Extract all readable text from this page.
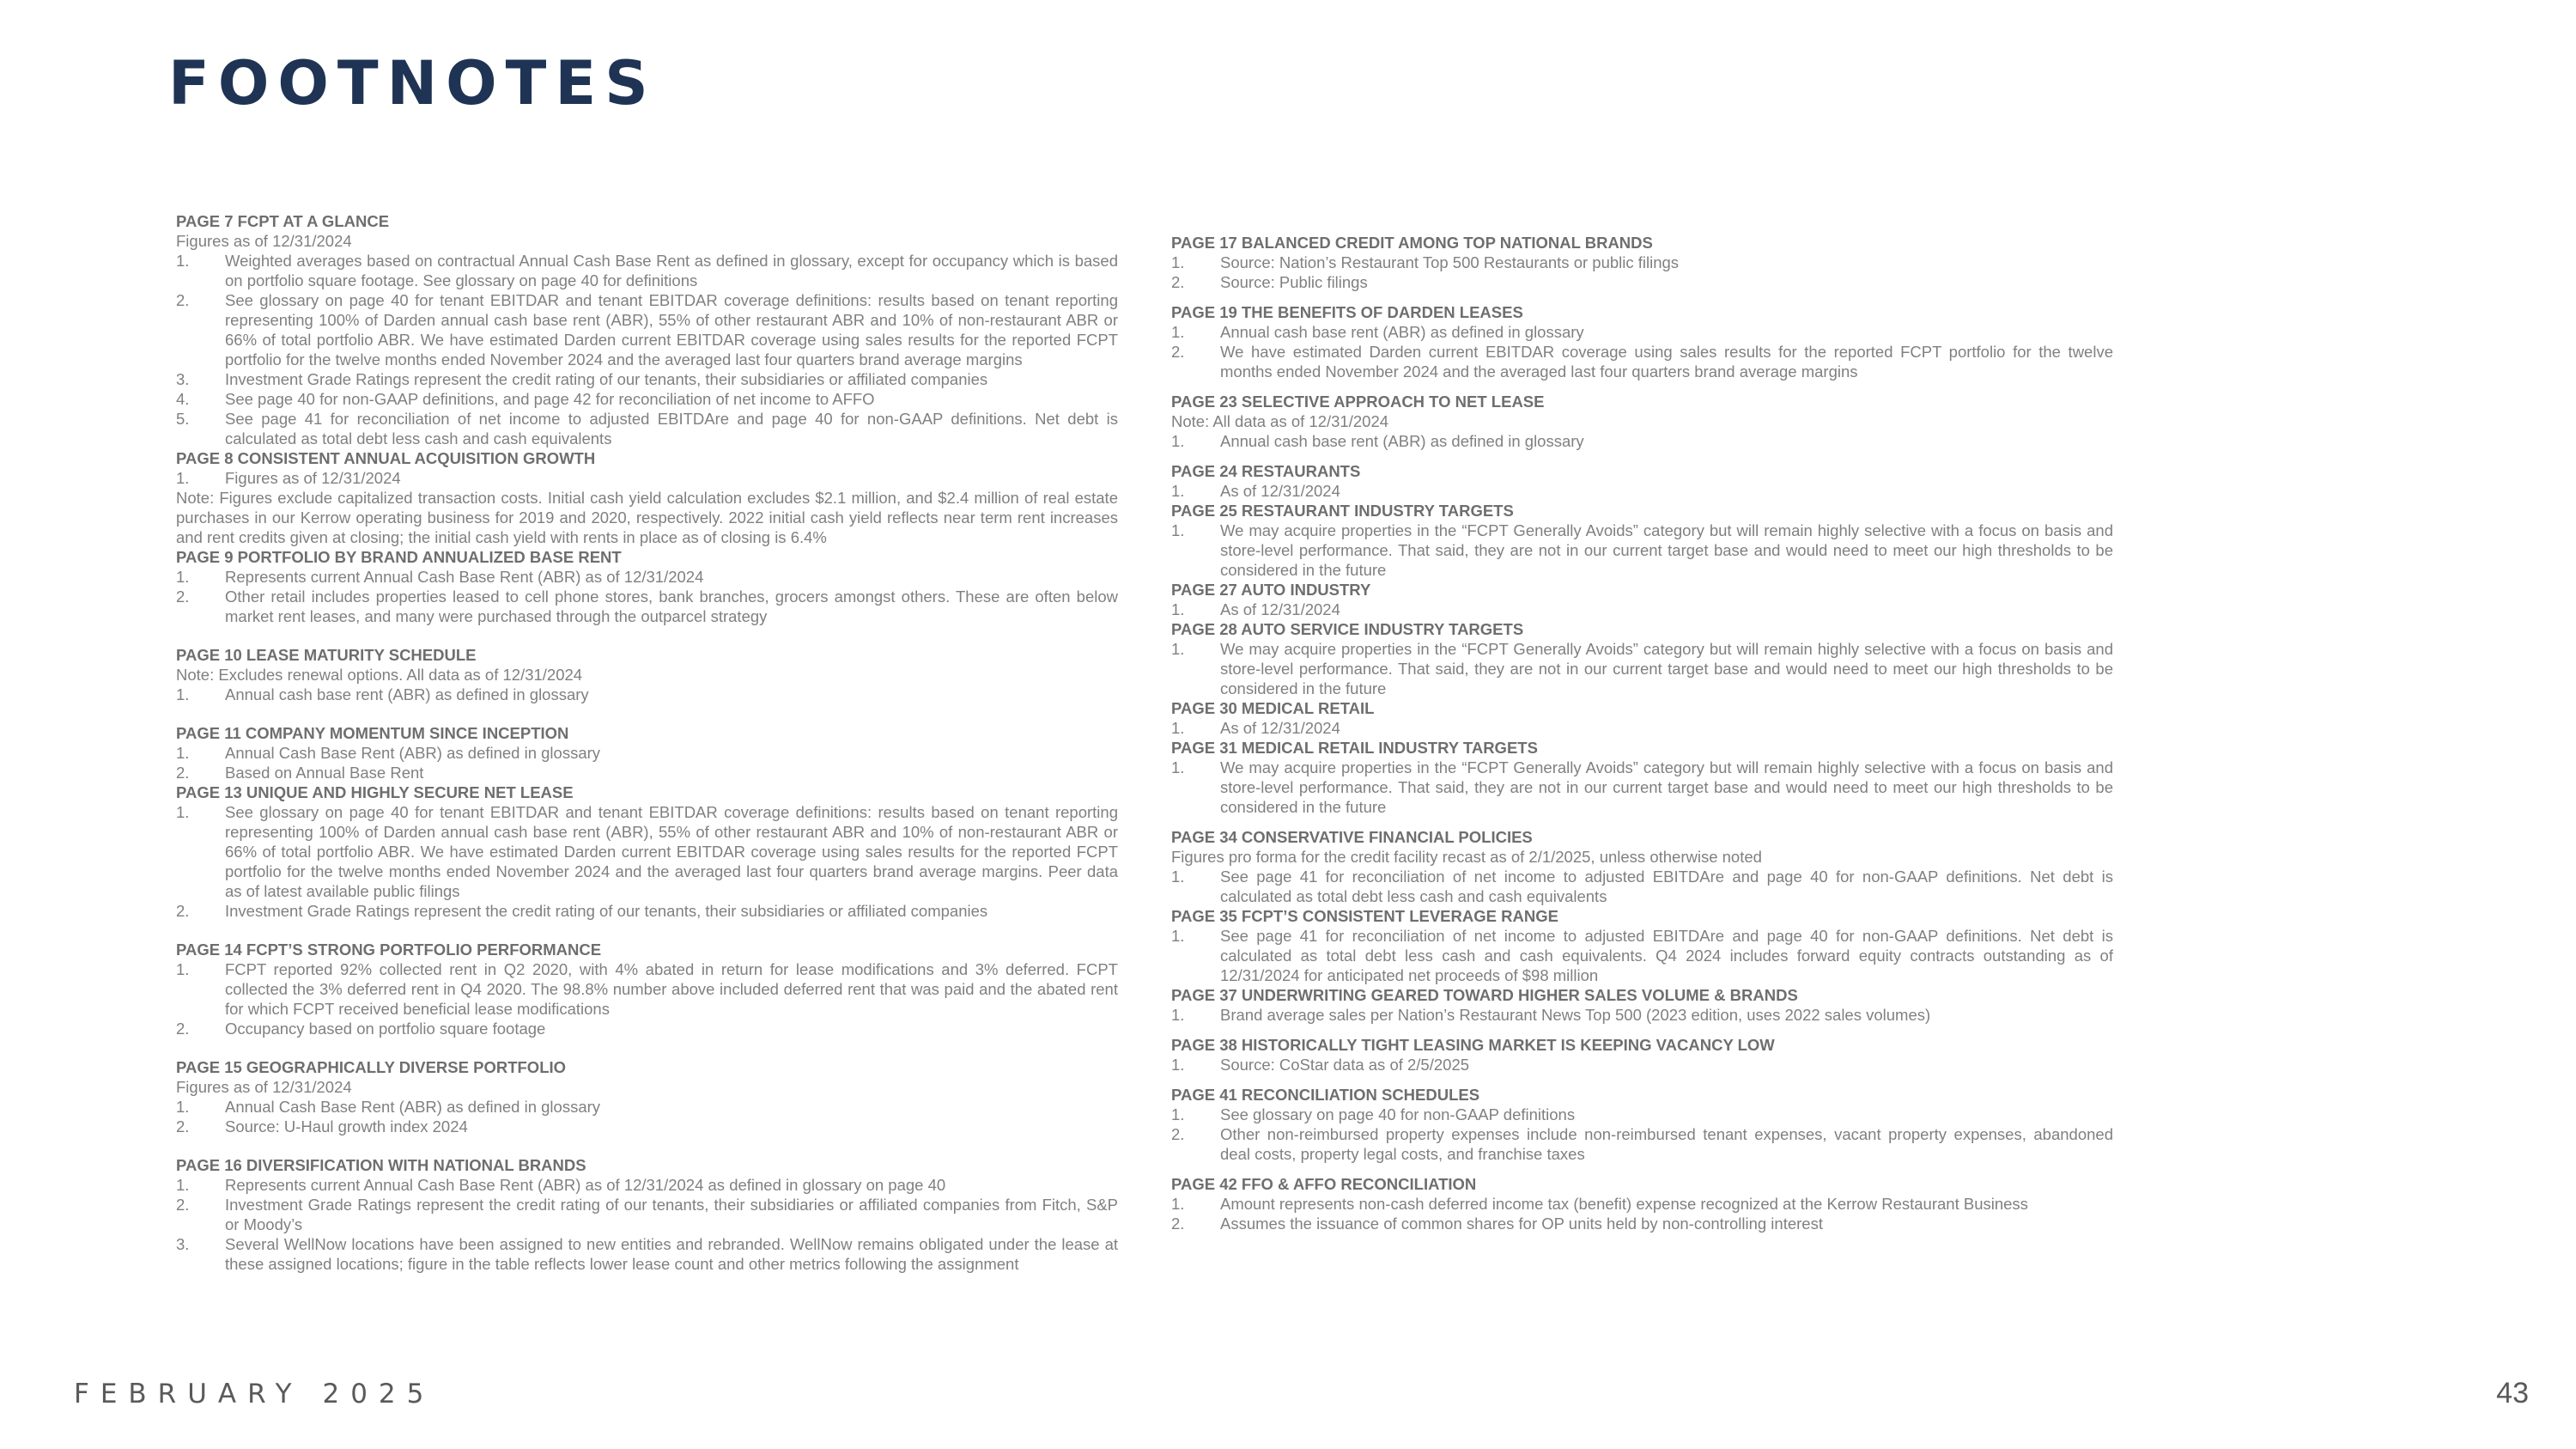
FOOTNOTES
PAGE 7 FCPT AT A GLANCE
Figures as of 12/31/2024
1.	Weighted averages based on contractual Annual Cash Base Rent as defined in glossary, except for occupancy which is based on portfolio square footage. See glossary on page 40 for definitions
2.	See glossary on page 40 for tenant EBITDAR and tenant EBITDAR coverage definitions: results based on tenant reporting representing 100% of Darden annual cash base rent (ABR), 55% of other restaurant ABR and 10% of non-restaurant ABR or 66% of total portfolio ABR. We have estimated Darden current EBITDAR coverage using sales results for the reported FCPT portfolio for the twelve months ended November 2024 and the averaged last four quarters brand average margins
3.	Investment Grade Ratings represent the credit rating of our tenants, their subsidiaries or affiliated companies
4.	See page 40 for non-GAAP definitions, and page 42 for reconciliation of net income to AFFO
5.	See page 41 for reconciliation of net income to adjusted EBITDAre and page 40 for non-GAAP definitions. Net debt is calculated as total debt less cash and cash equivalents
PAGE 8 CONSISTENT ANNUAL ACQUISITION GROWTH
1.	Figures as of 12/31/2024
Note: Figures exclude capitalized transaction costs. Initial cash yield calculation excludes $2.1 million, and $2.4 million of real estate purchases in our Kerrow operating business for 2019 and 2020, respectively. 2022 initial cash yield reflects near term rent increases and rent credits given at closing; the initial cash yield with rents in place as of closing is 6.4%
PAGE 9 PORTFOLIO BY BRAND ANNUALIZED BASE RENT
1.	Represents current Annual Cash Base Rent (ABR) as of 12/31/2024
2.	Other retail includes properties leased to cell phone stores, bank branches, grocers amongst others. These are often below market rent leases, and many were purchased through the outparcel strategy
PAGE 10 LEASE MATURITY SCHEDULE
Note: Excludes renewal options. All data as of 12/31/2024
1.	Annual cash base rent (ABR) as defined in glossary
PAGE 11 COMPANY MOMENTUM SINCE INCEPTION
1.	Annual Cash Base Rent (ABR) as defined in glossary
2.	Based on Annual Base Rent
PAGE 13 UNIQUE AND HIGHLY SECURE NET LEASE
1.	See glossary on page 40 for tenant EBITDAR and tenant EBITDAR coverage definitions: results based on tenant reporting representing 100% of Darden annual cash base rent (ABR), 55% of other restaurant ABR and 10% of non-restaurant ABR or 66% of total portfolio ABR. We have estimated Darden current EBITDAR coverage using sales results for the reported FCPT portfolio for the twelve months ended November 2024 and the averaged last four quarters brand average margins. Peer data as of latest available public filings
2.	Investment Grade Ratings represent the credit rating of our tenants, their subsidiaries or affiliated companies
PAGE 14 FCPT’S STRONG PORTFOLIO PERFORMANCE
1.	FCPT reported 92% collected rent in Q2 2020, with 4% abated in return for lease modifications and 3% deferred. FCPT collected the 3% deferred rent in Q4 2020. The 98.8% number above included deferred rent that was paid and the abated rent for which FCPT received beneficial lease modifications
2.	Occupancy based on portfolio square footage
PAGE 15 GEOGRAPHICALLY DIVERSE PORTFOLIO
Figures as of 12/31/2024
1.	Annual Cash Base Rent (ABR) as defined in glossary
2.	Source: U-Haul growth index 2024
PAGE 16 DIVERSIFICATION WITH NATIONAL BRANDS
1.	Represents current Annual Cash Base Rent (ABR) as of 12/31/2024 as defined in glossary on page 40
2.	Investment Grade Ratings represent the credit rating of our tenants, their subsidiaries or affiliated companies from Fitch, S&P or Moody’s
3.	Several WellNow locations have been assigned to new entities and rebranded. WellNow remains obligated under the lease at these assigned locations; figure in the table reflects lower lease count and other metrics following the assignment
PAGE 17 BALANCED CREDIT AMONG TOP NATIONAL BRANDS
1.	Source: Nation’s Restaurant Top 500 Restaurants or public filings
2.	Source: Public filings
PAGE 19 THE BENEFITS OF DARDEN LEASES
1.	Annual cash base rent (ABR) as defined in glossary
2.	We have estimated Darden current EBITDAR coverage using sales results for the reported FCPT portfolio for the twelve months ended November 2024 and the averaged last four quarters brand average margins
PAGE 23 SELECTIVE APPROACH TO NET LEASE
Note: All data as of 12/31/2024
1.	Annual cash base rent (ABR) as defined in glossary
PAGE 24 RESTAURANTS
1.	As of 12/31/2024
PAGE 25 RESTAURANT INDUSTRY TARGETS
1.	We may acquire properties in the “FCPT Generally Avoids” category but will remain highly selective with a focus on basis and store-level performance. That said, they are not in our current target base and would need to meet our high thresholds to be considered in the future
PAGE 27 AUTO INDUSTRY
1.	As of 12/31/2024
PAGE 28 AUTO SERVICE INDUSTRY TARGETS
1.	We may acquire properties in the “FCPT Generally Avoids” category but will remain highly selective with a focus on basis and store-level performance. That said, they are not in our current target base and would need to meet our high thresholds to be considered in the future
PAGE 30 MEDICAL RETAIL
1.	As of 12/31/2024
PAGE 31 MEDICAL RETAIL INDUSTRY TARGETS
1.	We may acquire properties in the “FCPT Generally Avoids” category but will remain highly selective with a focus on basis and store-level performance. That said, they are not in our current target base and would need to meet our high thresholds to be considered in the future
PAGE 34 CONSERVATIVE FINANCIAL POLICIES
Figures pro forma for the credit facility recast as of 2/1/2025, unless otherwise noted
1.	See page 41 for reconciliation of net income to adjusted EBITDAre and page 40 for non-GAAP definitions. Net debt is calculated as total debt less cash and cash equivalents
PAGE 35 FCPT’S CONSISTENT LEVERAGE RANGE
1.	See page 41 for reconciliation of net income to adjusted EBITDAre and page 40 for non-GAAP definitions. Net debt is calculated as total debt less cash and cash equivalents. Q4 2024 includes forward equity contracts outstanding as of 12/31/2024 for anticipated net proceeds of $98 million
PAGE 37 UNDERWRITING GEARED TOWARD HIGHER SALES VOLUME & BRANDS
1.	Brand average sales per Nation’s Restaurant News Top 500 (2023 edition, uses 2022 sales volumes)
PAGE 38 HISTORICALLY TIGHT LEASING MARKET IS KEEPING VACANCY LOW
1.	Source: CoStar data as of 2/5/2025
PAGE 41 RECONCILIATION SCHEDULES
1.	See glossary on page 40 for non-GAAP definitions
2.	Other non-reimbursed property expenses include non-reimbursed tenant expenses, vacant property expenses, abandoned deal costs, property legal costs, and franchise taxes
PAGE 42 FFO & AFFO RECONCILIATION
1.	Amount represents non-cash deferred income tax (benefit) expense recognized at the Kerrow Restaurant Business
2.	Assumes the issuance of common shares for OP units held by non-controlling interest
FEBRUARY 2025	43
